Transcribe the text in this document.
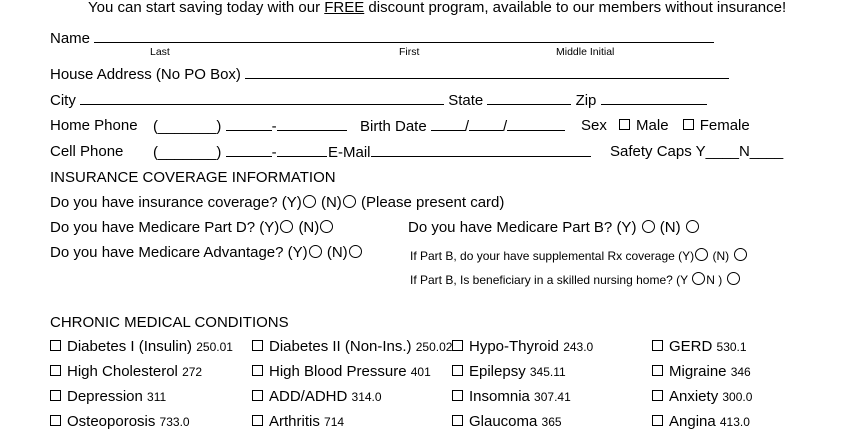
You can start saving today with our FREE discount program, available to our members without insurance!
Name
Last	First	Middle Initial
House Address (No PO Box)
City	State	Zip
Home Phone (_______)	-	Birth Date	/ /	Sex Male Female
Cell Phone (_______)	-	E-Mail	Safety Caps Y____N____
INSURANCE COVERAGE INFORMATION
Do you have insurance coverage? (Y) (N) (Please present card)
Do you have Medicare Part D? (Y) (N)	Do you have Medicare Part B? (Y) (N)
Do you have Medicare Advantage? (Y) (N)	If Part B, do your have supplemental Rx coverage (Y) (N)
If Part B, Is beneficiary in a skilled nursing home? (Y N )
CHRONIC MEDICAL CONDITIONS
Diabetes I (Insulin) 250.01	Diabetes II (Non-Ins.) 250.02	Hypo-Thyroid 243.0	GERD 530.1
High Cholesterol 272	High Blood Pressure 401	Epilepsy 345.11	Migraine 346
Depression 311	ADD/ADHD 314.0	Insomnia 307.41	Anxiety 300.0
Osteoporosis 733.0	Arthritis 714	Glaucoma 365	Angina 413.0
